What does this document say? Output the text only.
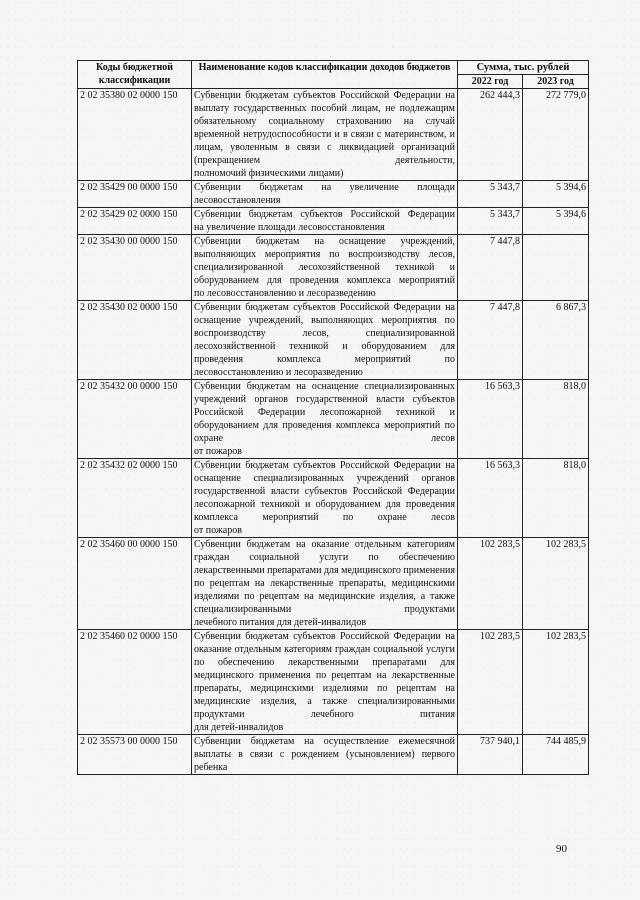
Коды бюджетной классификации	Наименование кодов классификации доходов бюджетов	Сумма, тыс. рублей	
		2022 год	2023 год
2 02 35380 02 0000 150	Субвенции бюджетам субъектов Российской Федерации на выплату государственных пособий лицам, не подлежащим обязательному социальному страхованию на случай временной нетрудоспособности и в связи с материнством, и лицам, уволенным в связи с ликвидацией организаций (прекращением деятельности,
полномочий физическими лицами)	262 444,3	272 779,0
2 02 35429 00 0000 150	Субвенции бюджетам на увеличение площади
лесовосстановления	5 343,7	5 394,6
2 02 35429 02 0000 150	Субвенции бюджетам субъектов Российской Федерации
на увеличение площади лесовосстановления	5 343,7	5 394,6
2 02 35430 00 0000 150	Субвенции бюджетам на оснащение учреждений, выполняющих мероприятия по воспроизводству лесов, специализированной лесохозяйственной техникой и оборудованием для проведения комплекса мероприятий
по лесовосстановлению и лесоразведению	7 447,8	
2 02 35430 02 0000 150	Субвенции бюджетам субъектов Российской Федерации на оснащение учреждений, выполняющих мероприятия по воспроизводству лесов, специализированной лесохозяйственной техникой и оборудованием для проведения комплекса мероприятий по
лесовосстановлению и лесоразведению	7 447,8	6 867,3
2 02 35432 00 0000 150	Субвенции бюджетам на оснащение специализированных учреждений органов государственной власти субъектов Российской Федерации лесопожарной техникой и оборудованием для проведения комплекса мероприятий по охране лесов
от пожаров	16 563,3	818,0
2 02 35432 02 0000 150	Субвенции бюджетам субъектов Российской Федерации на оснащение специализированных учреждений органов государственной власти субъектов Российской Федерации лесопожарной техникой и оборудованием для проведения комплекса мероприятий по охране лесов
от пожаров	16 563,3	818,0
2 02 35460 00 0000 150	Субвенции бюджетам на оказание отдельным категориям граждан социальной услуги по обеспечению лекарственными препаратами для медицинского применения по рецептам на лекарственные препараты, медицинскими изделиями по рецептам на медицинские изделия, а также специализированными продуктами
лечебного питания для детей-инвалидов	102 283,5	102 283,5
2 02 35460 02 0000 150	Субвенции бюджетам субъектов Российской Федерации на оказание отдельным категориям граждан социальной услуги по обеспечению лекарственными препаратами для медицинского применения по рецептам на лекарственные препараты, медицинскими изделиями по рецептам на медицинские изделия, а также специализированными продуктами лечебного питания
для детей-инвалидов	102 283,5	102 283,5
2 02 35573 00 0000 150	Субвенции бюджетам на осуществление ежемесячной выплаты в связи с рождением (усыновлением) первого
ребенка	737 940,1	744 485,9
90
